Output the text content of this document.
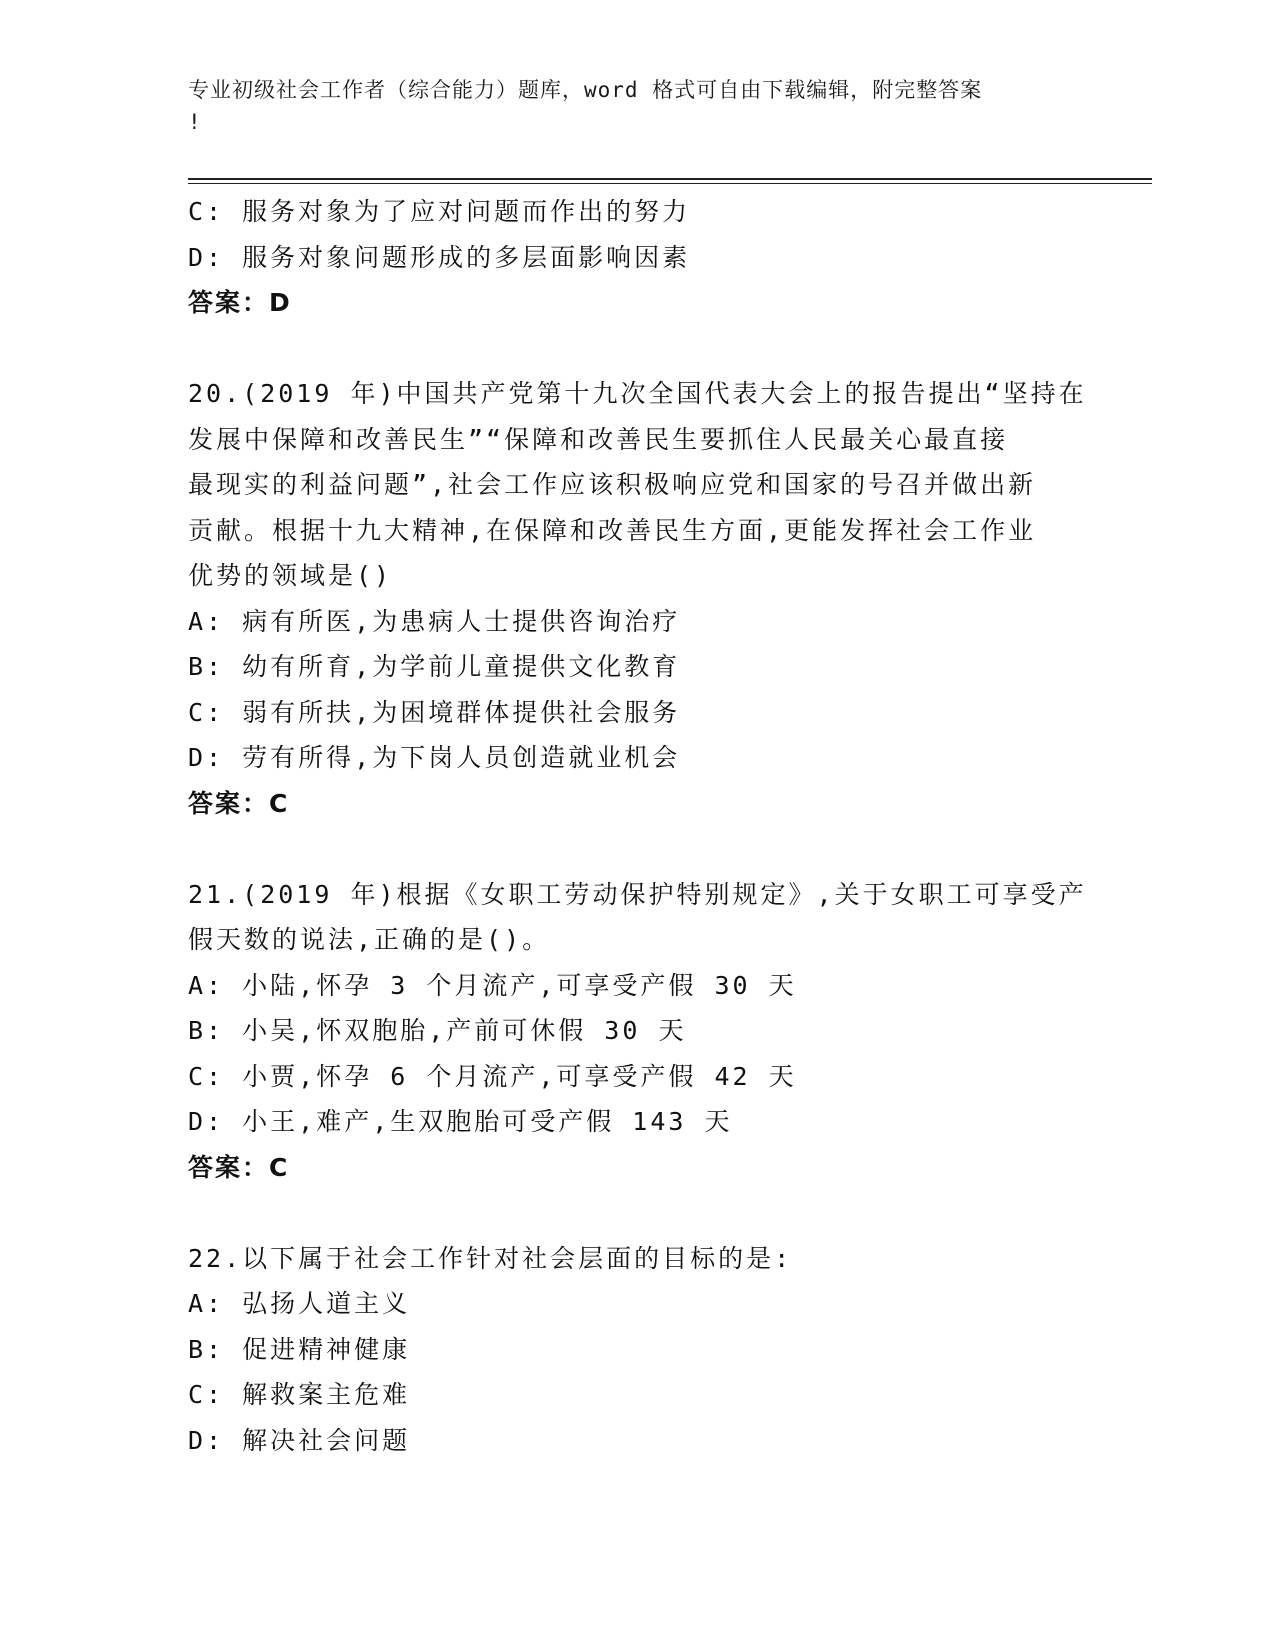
专业初级社会工作者（综合能力）题库，word 格式可自由下载编辑，附完整答案
!

C: 服务对象为了应对问题而作出的努力

D: 服务对象问题形成的多层面影响因素

答案：D

20.(2019 年)中国共产党第十九次全国代表大会上的报告提出“坚持在

发展中保障和改善民生”“保障和改善民生要抓住人民最关心最直接

最现实的利益问题”,社会工作应该积极响应党和国家的号召并做出新

贡献。根据十九大精神,在保障和改善民生方面,更能发挥社会工作业

优势的领域是()

A: 病有所医,为患病人士提供咨询治疗

B: 幼有所育,为学前儿童提供文化教育

C: 弱有所扶,为困境群体提供社会服务

D: 劳有所得,为下岗人员创造就业机会

答案：C

21.(2019 年)根据《女职工劳动保护特别规定》,关于女职工可享受产

假天数的说法,正确的是()。

A: 小陆,怀孕 3 个月流产,可享受产假 30 天

B: 小吴,怀双胞胎,产前可休假 30 天

C: 小贾,怀孕 6 个月流产,可享受产假 42 天

D: 小王,难产,生双胞胎可受产假 143 天

答案：C

22.以下属于社会工作针对社会层面的目标的是:

A: 弘扬人道主义

B: 促进精神健康

C: 解救案主危难

D: 解决社会问题
